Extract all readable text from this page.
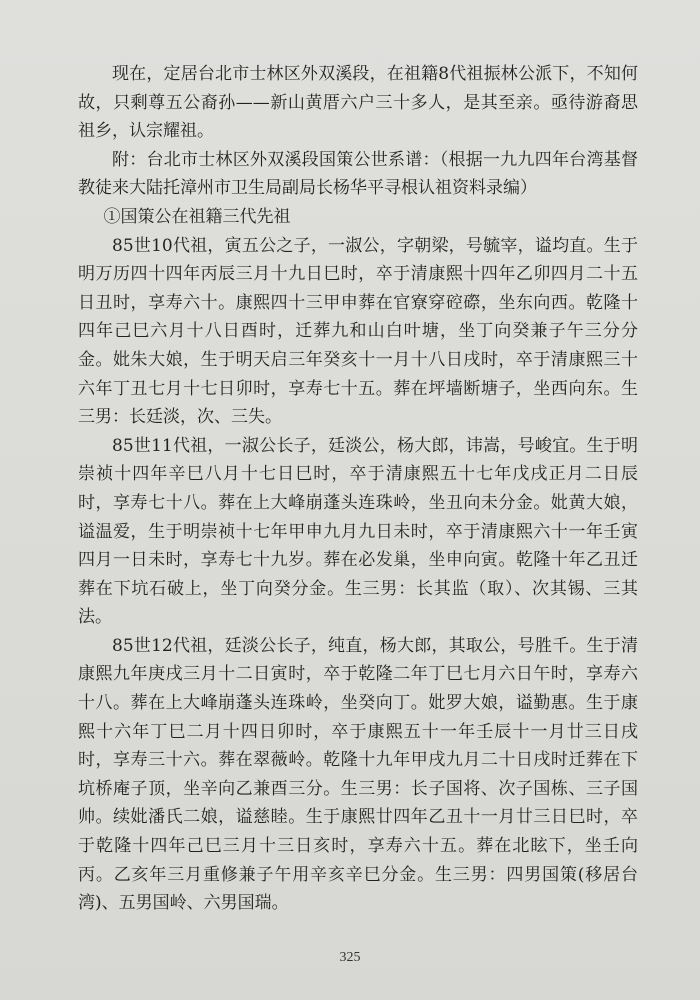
现在，定居台北市士林区外双溪段，在祖籍8代祖振林公派下，不知何故，只剩尊五公裔孙——新山黄厝六户三十多人，是其至亲。亟待游裔思祖乡，认宗耀祖。

附：台北市士林区外双溪段国策公世系谱：（根据一九九四年台湾基督教徒来大陆托漳州市卫生局副局长杨华平寻根认祖资料录编）

①国策公在祖籍三代先祖

85世10代祖，寅五公之子，一淑公，字朝梁，号毓宰，谥均直。生于明万历四十四年丙辰三月十九日巳时，卒于清康熙十四年乙卯四月二十五日丑时，享寿六十。康熙四十三甲申葬在官寮穿硿磜，坐东向西。乾隆十四年己巳六月十八日酉时，迁葬九和山白叶塘，坐丁向癸兼子午三分分金。妣朱大娘，生于明天启三年癸亥十一月十八日戌时，卒于清康熙三十六年丁丑七月十七日卯时，享寿七十五。葬在坪墙断塘子，坐西向东。生三男：长廷淡，次、三失。

85世11代祖，一淑公长子，廷淡公，杨大郎，讳嵩，号峻宜。生于明崇祯十四年辛巳八月十七日巳时，卒于清康熙五十七年戊戌正月二日辰时，享寿七十八。葬在上大峰崩蓬头连珠岭，坐丑向未分金。妣黄大娘，谥温爱，生于明崇祯十七年甲申九月九日未时，卒于清康熙六十一年壬寅四月一日未时，享寿七十九岁。葬在必发巢，坐申向寅。乾隆十年乙丑迁葬在下坑石破上，坐丁向癸分金。生三男：长其监（取）、次其锡、三其法。

85世12代祖，廷淡公长子，纯直，杨大郎，其取公，号胜千。生于清康熙九年庚戌三月十二日寅时，卒于乾隆二年丁巳七月六日午时，享寿六十八。葬在上大峰崩蓬头连珠岭，坐癸向丁。妣罗大娘，谥勤惠。生于康熙十六年丁巳二月十四日卯时，卒于康熙五十一年壬辰十一月廿三日戌时，享寿三十六。葬在翠薇岭。乾隆十九年甲戌九月二十日戌时迁葬在下坑桥庵子顶，坐辛向乙兼酉三分。生三男：长子国将、次子国栋、三子国帅。续妣潘氏二娘，谥慈睦。生于康熙廿四年乙丑十一月廿三日巳时，卒于乾隆十四年己巳三月十三日亥时，享寿六十五。葬在北眩下，坐壬向丙。乙亥年三月重修兼子午用辛亥辛巳分金。生三男：四男国策(移居台湾)、五男国岭、六男国瑞。

325
